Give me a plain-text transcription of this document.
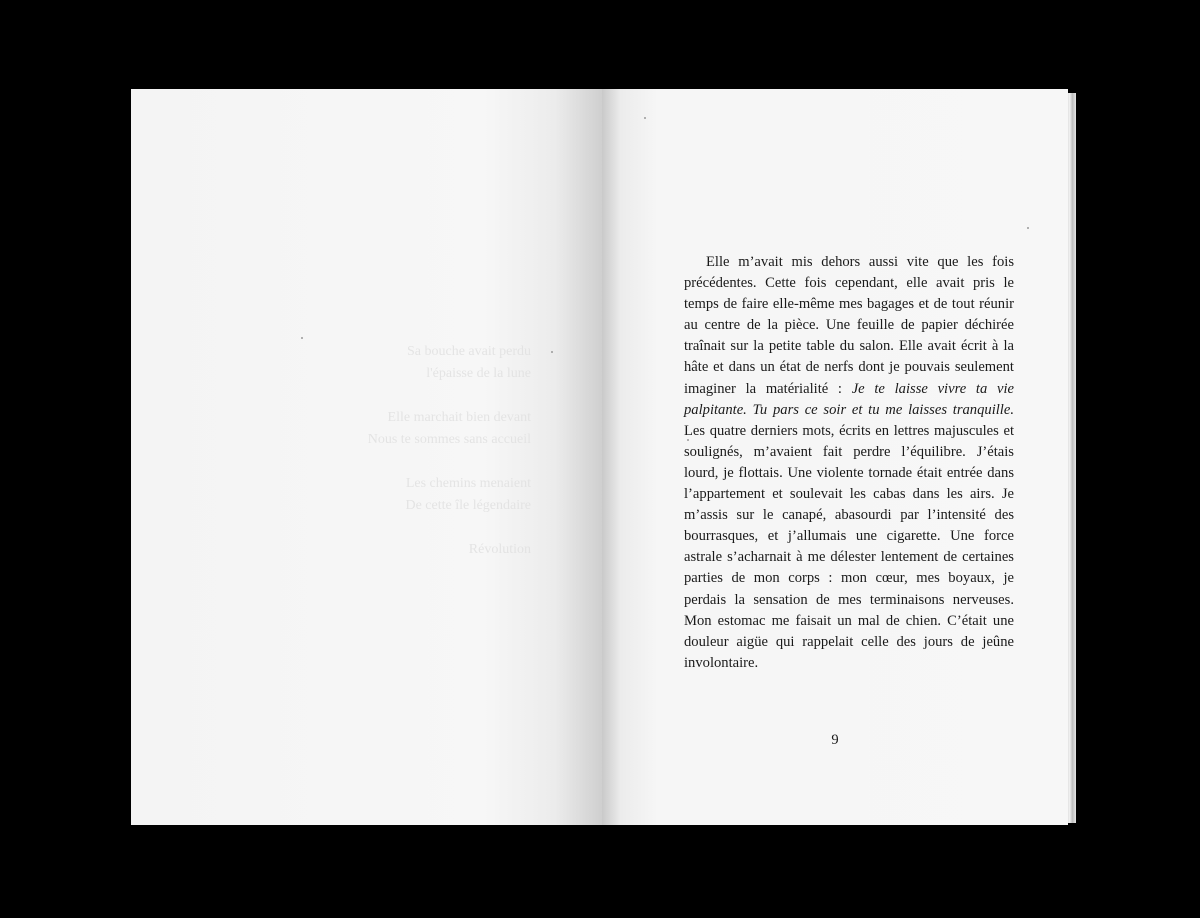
Sa bouche avait perdu
l'épaisse de la lune
Elle marchait bien devant
Nous te sommes sans accueil
Les chemins menaient
De cette île légendaire
Révolution

Elle m’avait mis dehors aussi vite que les fois précédentes. Cette fois cependant, elle avait pris le temps de faire elle-même mes bagages et de tout réunir au centre de la pièce. Une feuille de papier déchirée traînait sur la petite table du salon. Elle avait écrit à la hâte et dans un état de nerfs dont je pouvais seulement imaginer la matérialité : Je te laisse vivre ta vie palpitante. Tu pars ce soir et tu me laisses tranquille. Les quatre derniers mots, écrits en lettres majuscules et soulignés, m’avaient fait perdre l’équilibre. J’étais lourd, je flottais. Une violente tornade était entrée dans l’appartement et soulevait les cabas dans les airs. Je m’assis sur le canapé, abasourdi par l’intensité des bourrasques, et j’allumais une cigarette. Une force astrale s’acharnait à me délester lentement de certaines parties de mon corps : mon cœur, mes boyaux, je perdais la sensation de mes terminaisons nerveuses. Mon estomac me faisait un mal de chien. C’était une douleur aigüe qui rappelait celle des jours de jeûne involontaire.

9
